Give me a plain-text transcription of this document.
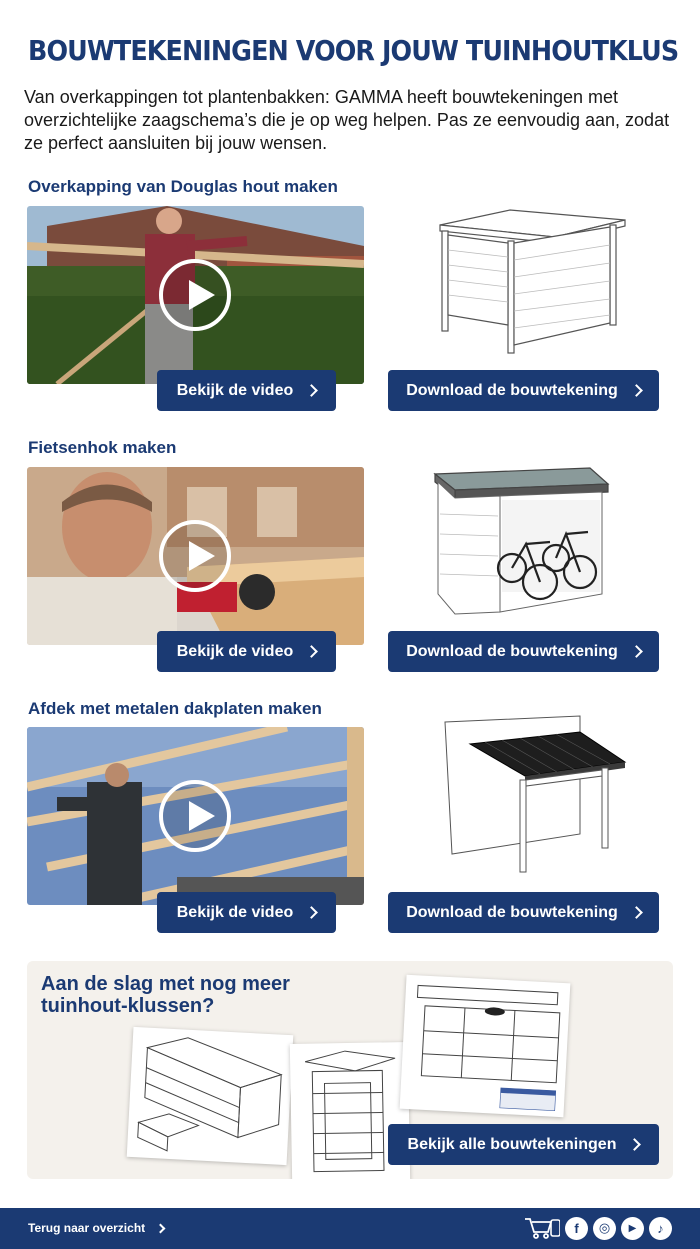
BOUWTEKENINGEN VOOR JOUW TUINHOUTKLUS
Van overkappingen tot plantenbakken: GAMMA heeft bouwtekeningen met overzichtelijke zaagschema’s die je op weg helpen. Pas ze eenvoudig aan, zodat ze perfect aansluiten bij jouw wensen.
Overkapping van Douglas hout maken
Bekijk de video	Download de bouwtekening
Fietsenhok maken
Bekijk de video	Download de bouwtekening
Afdek met metalen dakplaten maken
Bekijk de video	Download de bouwtekening
Aan de slag met nog meer tuinhout-klussen?
Bekijk alle bouwtekeningen
Terug naar overzicht	f ◎ ▶ ♪
